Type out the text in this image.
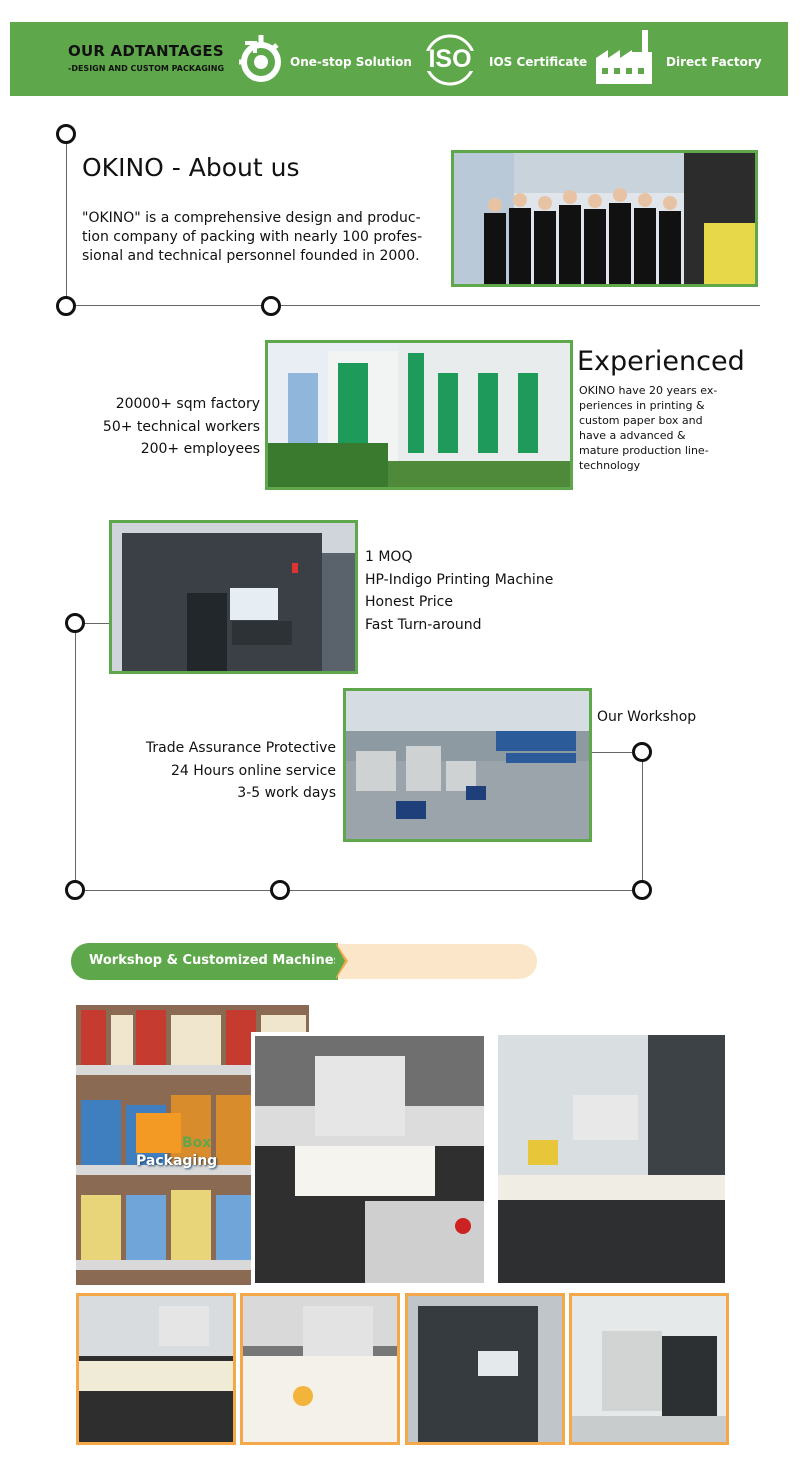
OUR ADTANTAGES
-DESIGN AND CUSTOM PACKAGING	One-stop Solution ISO	IOS Certificate	Direct Factory
OKINO - About us
"OKINO" is a comprehensive design and produc-
tion company of packing with nearly 100 profes-
sional and technical personnel founded in 2000.
20000+ sqm factory
50+ technical workers
200+ employees
Experienced
OKINO have 20 years ex-
periences in printing &
custom paper box and
have a advanced &
mature production line-
technology
1 MOQ
HP-Indigo Printing Machine
Honest Price
Fast Turn-around
Our Workshop
Trade Assurance Protective
24 Hours online service
3-5 work days
Workshop & Customized Machines
Box
Packaging
